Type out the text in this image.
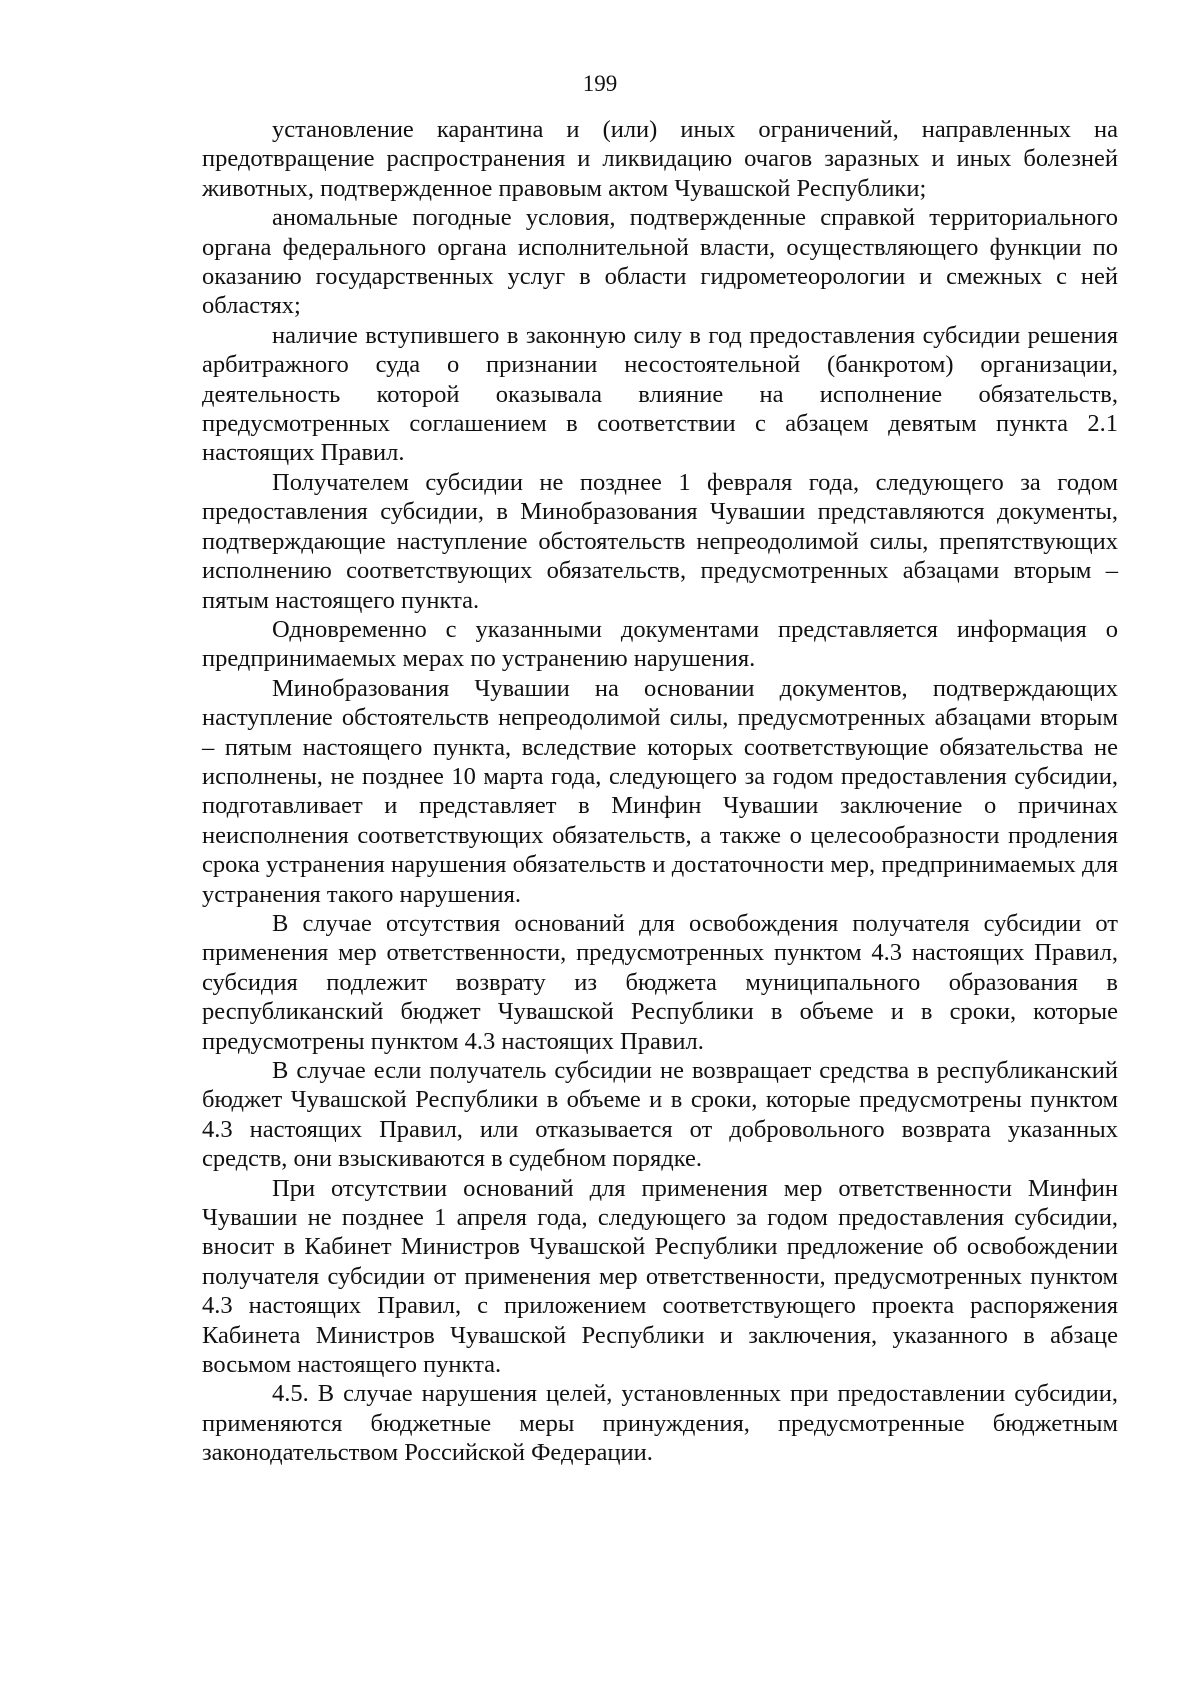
199

установление карантина и (или) иных ограничений, направленных на предотвращение распространения и ликвидацию очагов заразных и иных болезней животных, подтвержденное правовым актом Чувашской Республики;

аномальные погодные условия, подтвержденные справкой территориального органа федерального органа исполнительной власти, осуществляющего функции по оказанию государственных услуг в области гидрометеорологии и смежных с ней областях;

наличие вступившего в законную силу в год предоставления субсидии решения арбитражного суда о признании несостоятельной (банкротом) организации, деятельность которой оказывала влияние на исполнение обязательств, предусмотренных соглашением в соответствии с абзацем девятым пункта 2.1 настоящих Правил.

Получателем субсидии не позднее 1 февраля года, следующего за годом предоставления субсидии, в Минобразования Чувашии представляются документы, подтверждающие наступление обстоятельств непреодолимой силы, препятствующих исполнению соответствующих обязательств, предусмотренных абзацами вторым – пятым настоящего пункта.

Одновременно с указанными документами представляется информация о предпринимаемых мерах по устранению нарушения.

Минобразования Чувашии на основании документов, подтверждающих наступление обстоятельств непреодолимой силы, предусмотренных абзацами вторым – пятым настоящего пункта, вследствие которых соответствующие обязательства не исполнены, не позднее 10 марта года, следующего за годом предоставления субсидии, подготавливает и представляет в Минфин Чувашии заключение о причинах неисполнения соответствующих обязательств, а также о целесообразности продления срока устранения нарушения обязательств и достаточности мер, предпринимаемых для устранения такого нарушения.

В случае отсутствия оснований для освобождения получателя субсидии от применения мер ответственности, предусмотренных пунктом 4.3 настоящих Правил, субсидия подлежит возврату из бюджета муниципального образования в республиканский бюджет Чувашской Республики в объеме и в сроки, которые предусмотрены пунктом 4.3 настоящих Правил.

В случае если получатель субсидии не возвращает средства в республиканский бюджет Чувашской Республики в объеме и в сроки, которые предусмотрены пунктом 4.3 настоящих Правил, или отказывается от добровольного возврата указанных средств, они взыскиваются в судебном порядке.

При отсутствии оснований для применения мер ответственности Минфин Чувашии не позднее 1 апреля года, следующего за годом предоставления субсидии, вносит в Кабинет Министров Чувашской Республики предложение об освобождении получателя субсидии от применения мер ответственности, предусмотренных пунктом 4.3 настоящих Правил, с приложением соответствующего проекта распоряжения Кабинета Министров Чувашской Республики и заключения, указанного в абзаце восьмом настоящего пункта.

4.5. В случае нарушения целей, установленных при предоставлении субсидии, применяются бюджетные меры принуждения, предусмотренные бюджетным законодательством Российской Федерации.
